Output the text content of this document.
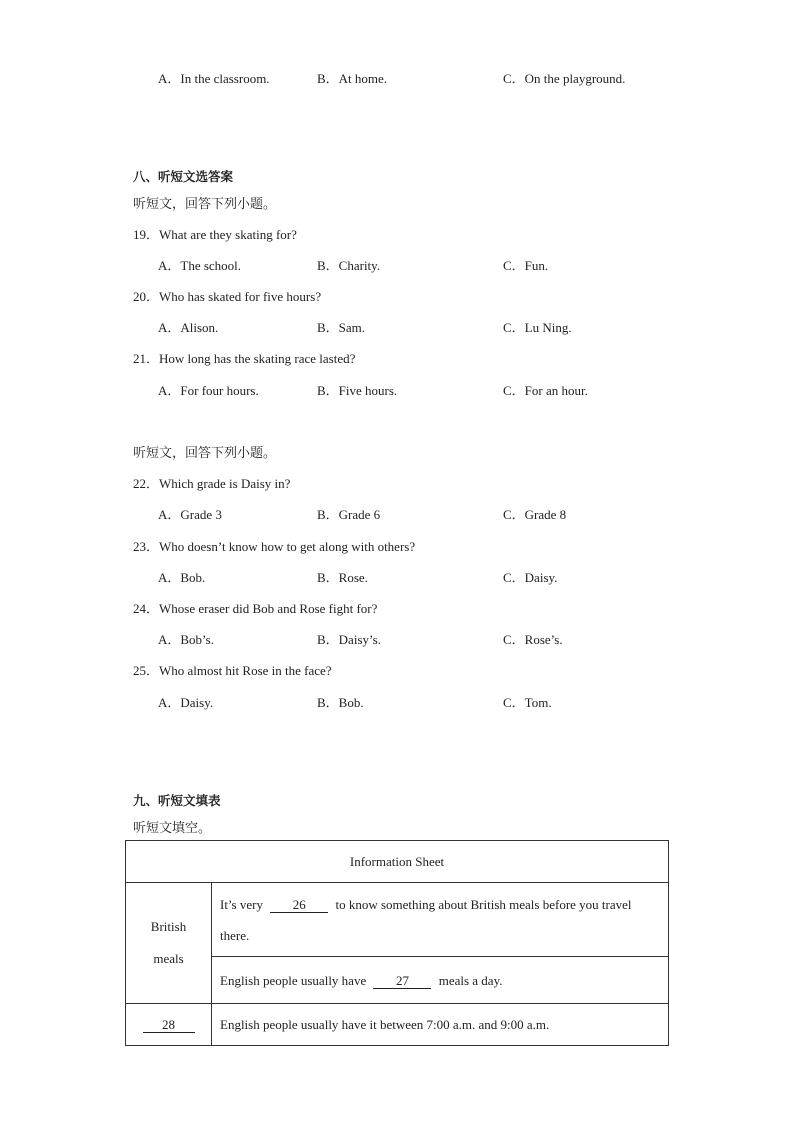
A．In the classroom.	B．At home.	C．On the playground.
八、听短文选答案
听短文，回答下列小题。
19．What are they skating for?
A．The school.	B．Charity.	C．Fun.
20．Who has skated for five hours?
A．Alison.	B．Sam.	C．Lu Ning.
21．How long has the skating race lasted?
A．For four hours.	B．Five hours.	C．For an hour.
听短文，回答下列小题。
22．Which grade is Daisy in?
A．Grade 3	B．Grade 6	C．Grade 8
23．Who doesn’t know how to get along with others?
A．Bob.	B．Rose.	C．Daisy.
24．Whose eraser did Bob and Rose fight for?
A．Bob’s.	B．Daisy’s.	C．Rose’s.
25．Who almost hit Rose in the face?
A．Daisy.	B．Bob.	C．Tom.
九、听短文填表
听短文填空。
Information Sheet	
British
meals	It’s very 26 to know something about British meals before you travel
there.
	English people usually have 27 meals a day.
28	English people usually have it between 7:00 a.m. and 9:00 a.m.
